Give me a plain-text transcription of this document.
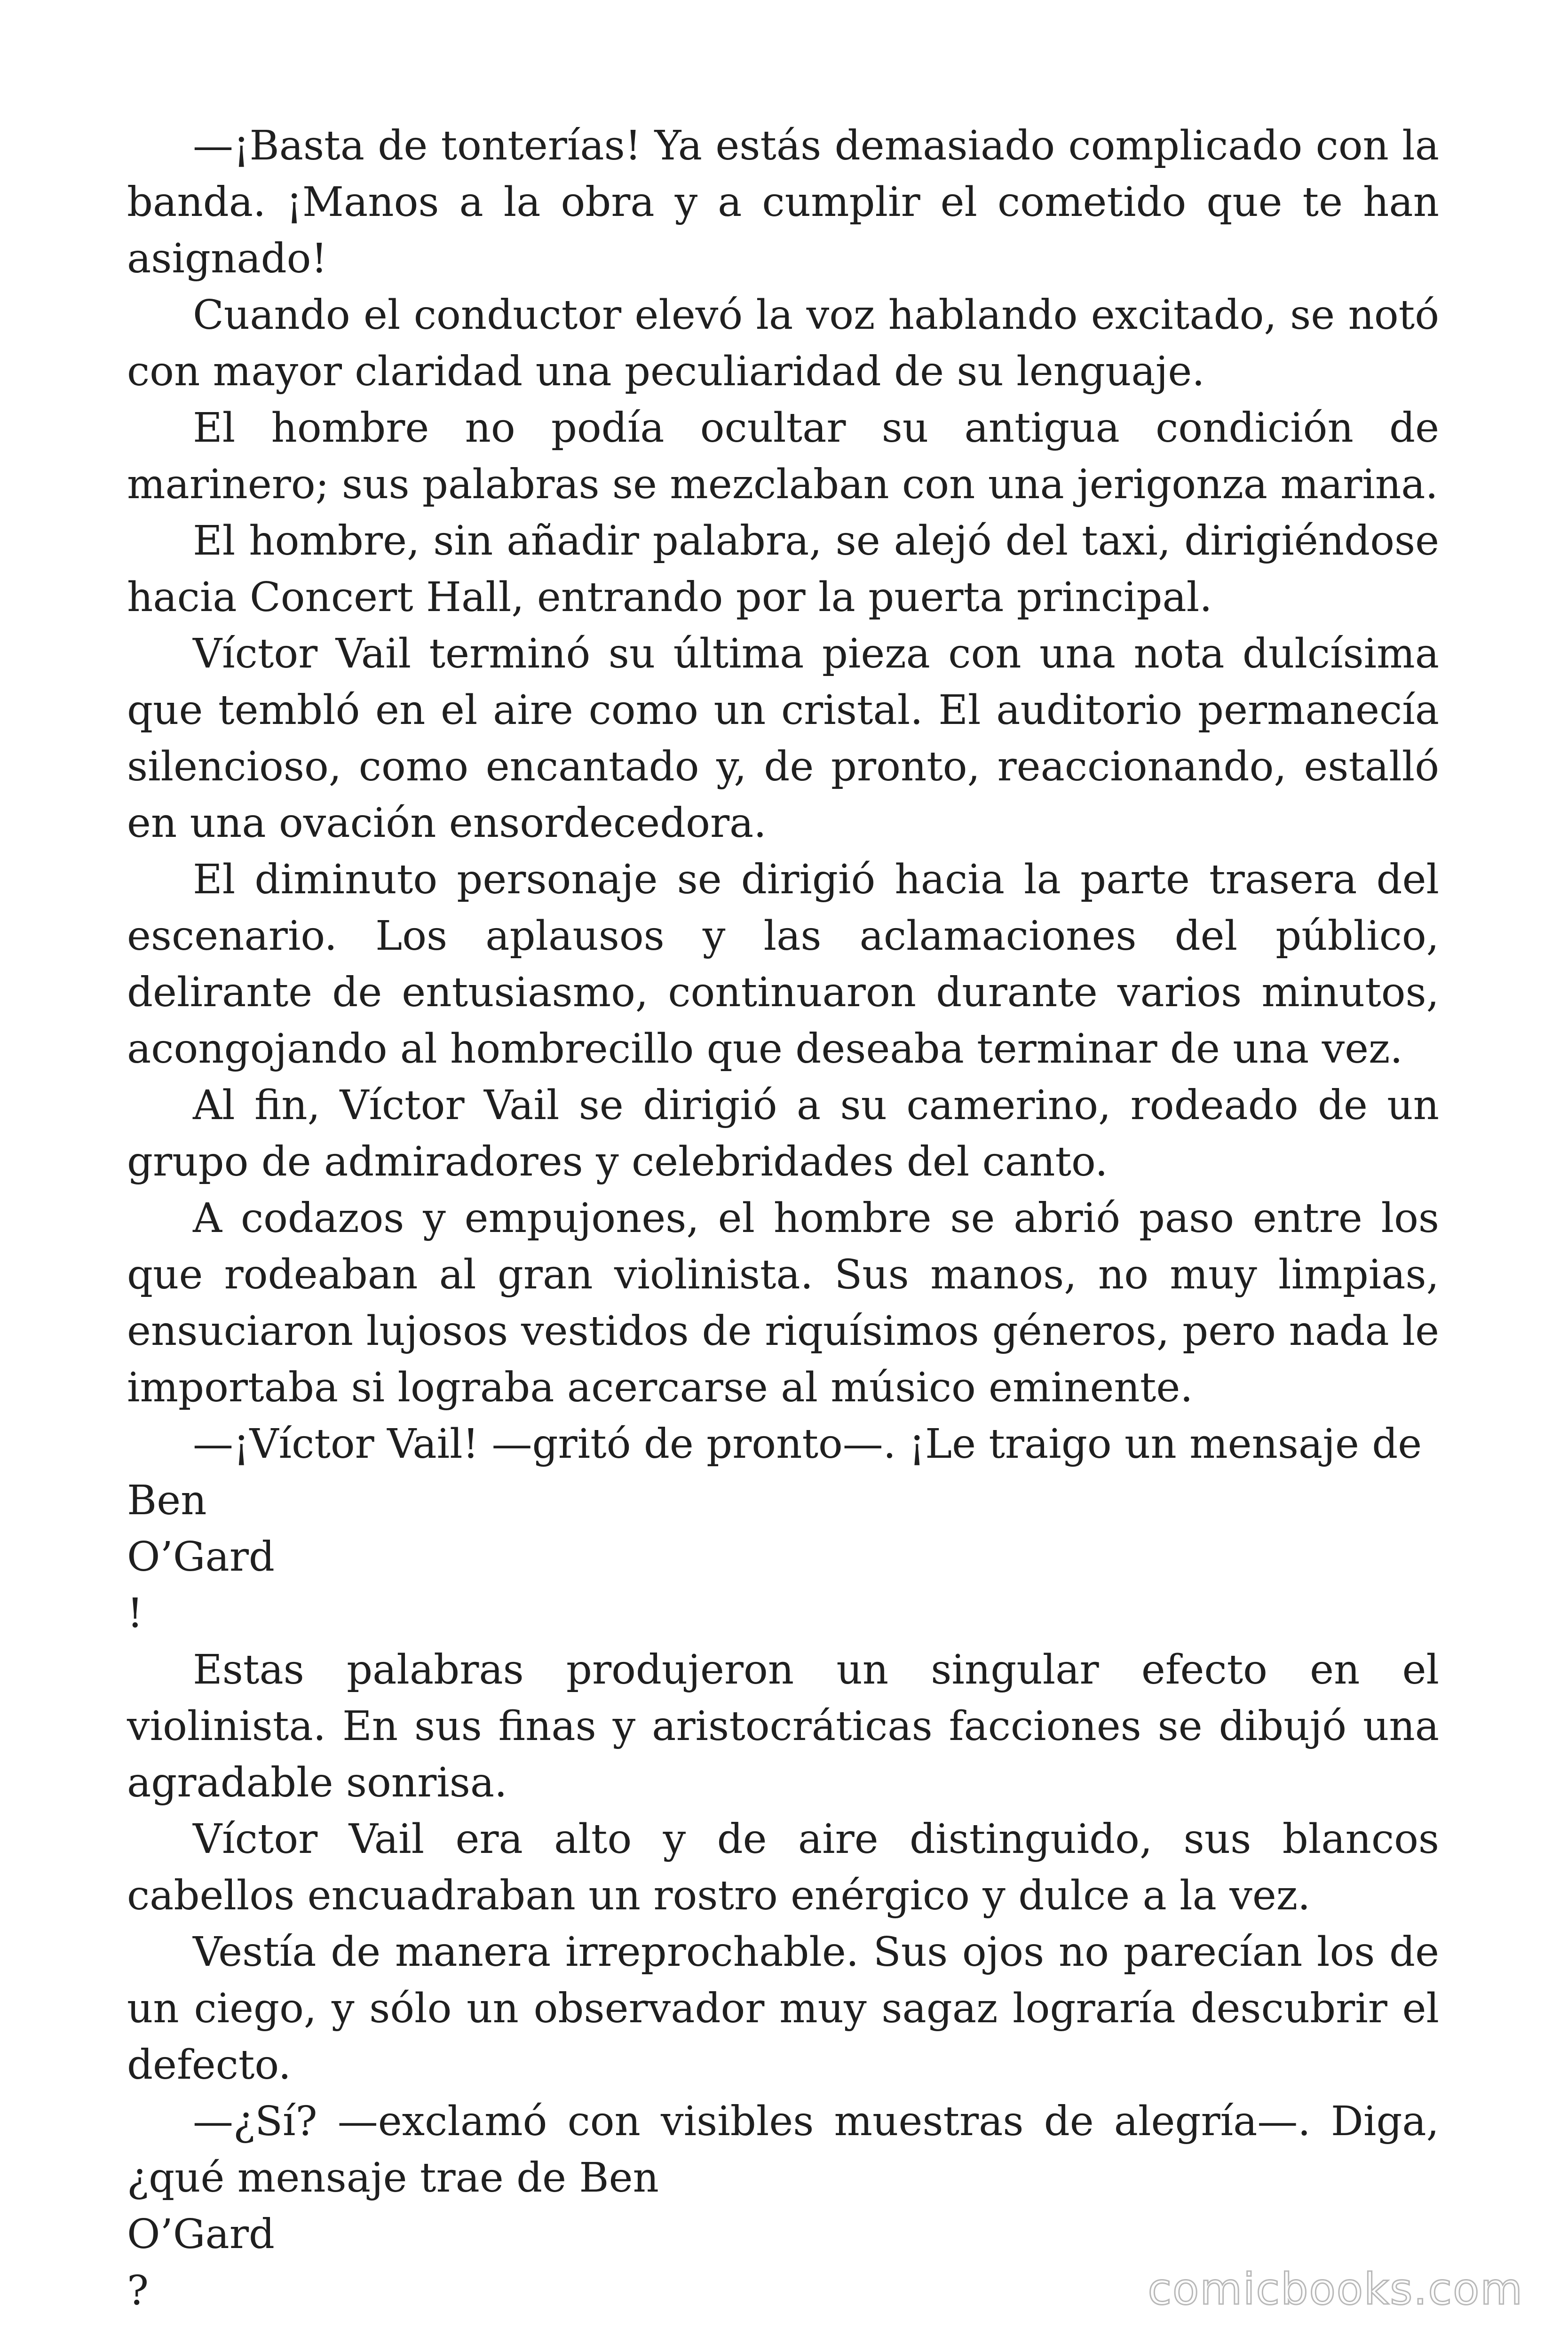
—¡Basta de tonterías! Ya estás demasiado complicado con la banda. ¡Manos a la obra y a cumplir el cometido que te han asignado!

Cuando el conductor elevó la voz hablando excitado, se notó con mayor claridad una peculiaridad de su lenguaje.

El hombre no podía ocultar su antigua condición de marinero; sus palabras se mezclaban con una jerigonza marina.

El hombre, sin añadir palabra, se alejó del taxi, dirigiéndose hacia Concert Hall, entrando por la puerta principal.

Víctor Vail terminó su última pieza con una nota dulcísima que tembló en el aire como un cristal. El auditorio permanecía silencioso, como encantado y, de pronto, reaccionando, estalló en una ovación ensordecedora.

El diminuto personaje se dirigió hacia la parte trasera del escenario. Los aplausos y las aclamaciones del público, delirante de entusiasmo, continuaron durante varios minutos, acongojando al hombrecillo que deseaba terminar de una vez.

Al fin, Víctor Vail se dirigió a su camerino, rodeado de un grupo de admiradores y celebridades del canto.

A codazos y empujones, el hombre se abrió paso entre los que rodeaban al gran violinista. Sus manos, no muy limpias, ensuciaron lujosos vestidos de riquísimos géneros, pero nada le importaba si lograba acercarse al músico eminente.

—¡Víctor Vail! —gritó de pronto—. ¡Le traigo un mensaje de

Ben

O’Gard

!

Estas palabras produjeron un singular efecto en el violinista. En sus finas y aristocráticas facciones se dibujó una agradable sonrisa.

Víctor Vail era alto y de aire distinguido, sus blancos cabellos encuadraban un rostro enérgico y dulce a la vez.

Vestía de manera irreprochable. Sus ojos no parecían los de un ciego, y sólo un observador muy sagaz lograría descubrir el defecto.

—¿Sí? —exclamó con visibles muestras de alegría—. Diga, ¿qué mensaje trae de Ben

O’Gard

?	comicbooks.com
